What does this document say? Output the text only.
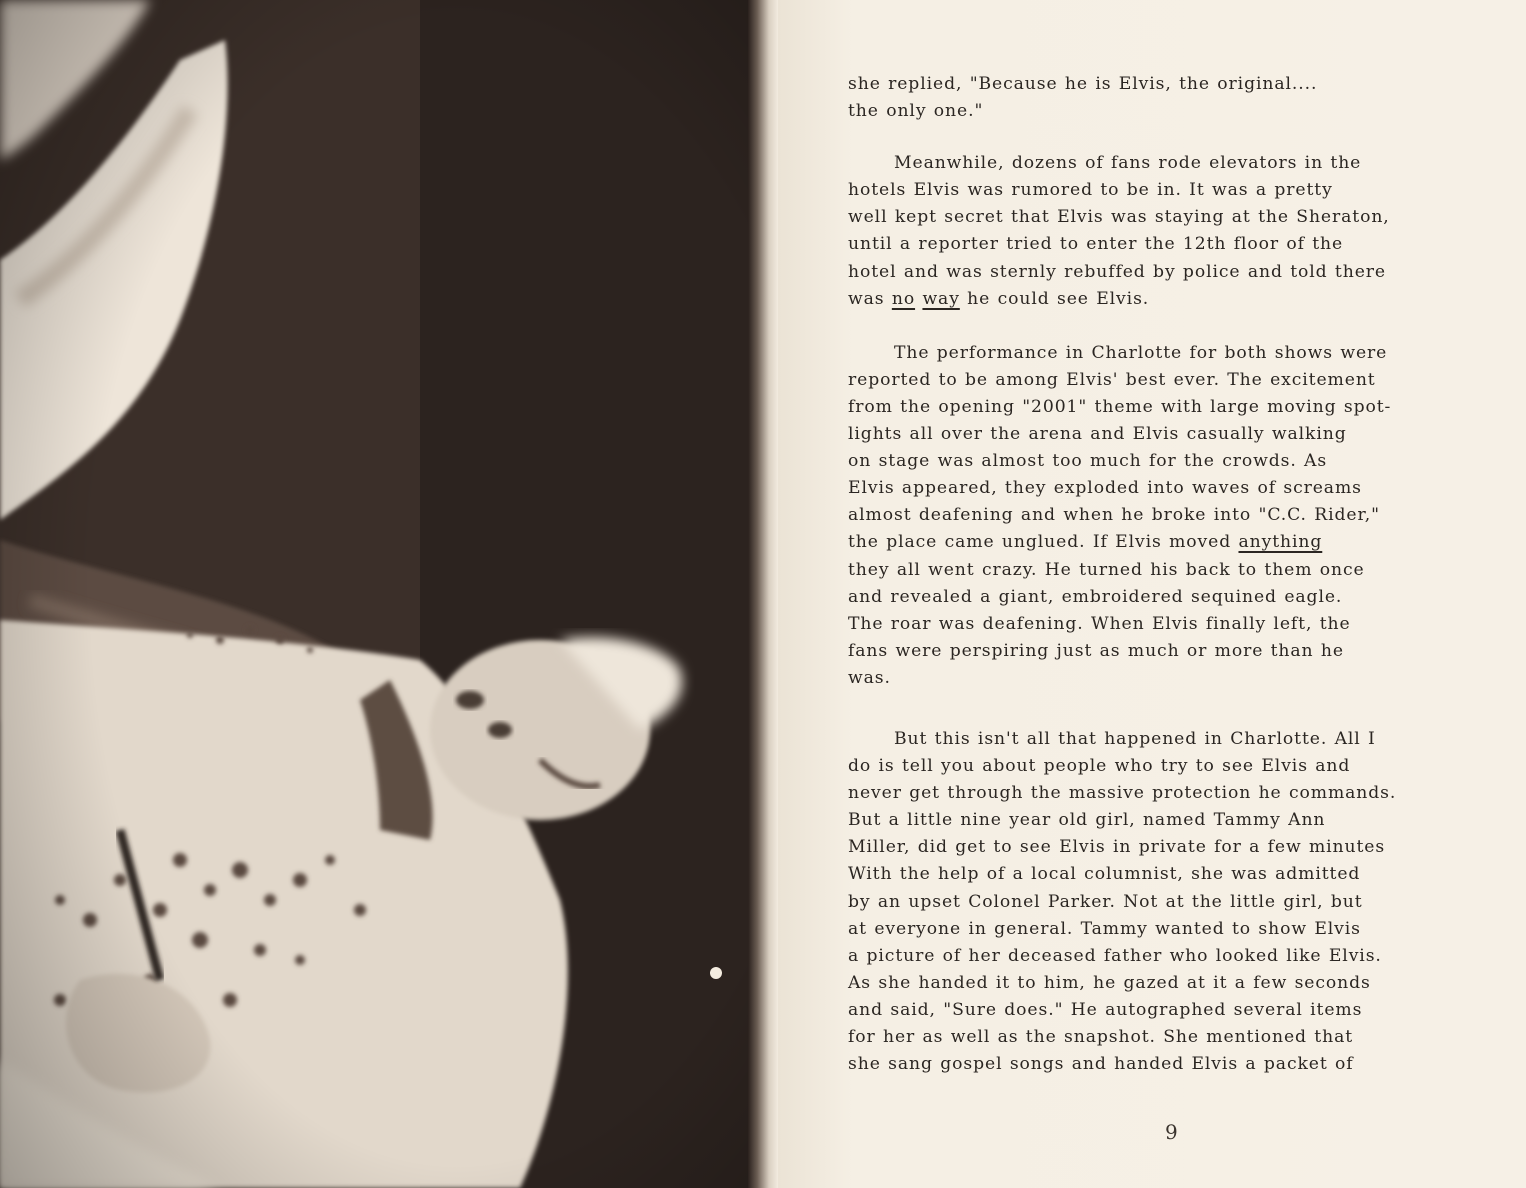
she replied, "Because he is Elvis, the original....

the only one."

Meanwhile, dozens of fans rode elevators in the

hotels Elvis was rumored to be in. It was a pretty

well kept secret that Elvis was staying at the Sheraton,

until a reporter tried to enter the 12th floor of the

hotel and was sternly rebuffed by police and told there

was no way he could see Elvis.

The performance in Charlotte for both shows were

reported to be among Elvis' best ever. The excitement

from the opening "2001" theme with large moving spot-

lights all over the arena and Elvis casually walking

on stage was almost too much for the crowds. As

Elvis appeared, they exploded into waves of screams

almost deafening and when he broke into "C.C. Rider,"

the place came unglued. If Elvis moved anything

they all went crazy. He turned his back to them once

and revealed a giant, embroidered sequined eagle.

The roar was deafening. When Elvis finally left, the

fans were perspiring just as much or more than he

was.

But this isn't all that happened in Charlotte. All I

do is tell you about people who try to see Elvis and

never get through the massive protection he commands.

But a little nine year old girl, named Tammy Ann

Miller, did get to see Elvis in private for a few minutes

With the help of a local columnist, she was admitted

by an upset Colonel Parker. Not at the little girl, but

at everyone in general. Tammy wanted to show Elvis

a picture of her deceased father who looked like Elvis.

As she handed it to him, he gazed at it a few seconds

and said, "Sure does." He autographed several items

for her as well as the snapshot. She mentioned that

she sang gospel songs and handed Elvis a packet of

9
